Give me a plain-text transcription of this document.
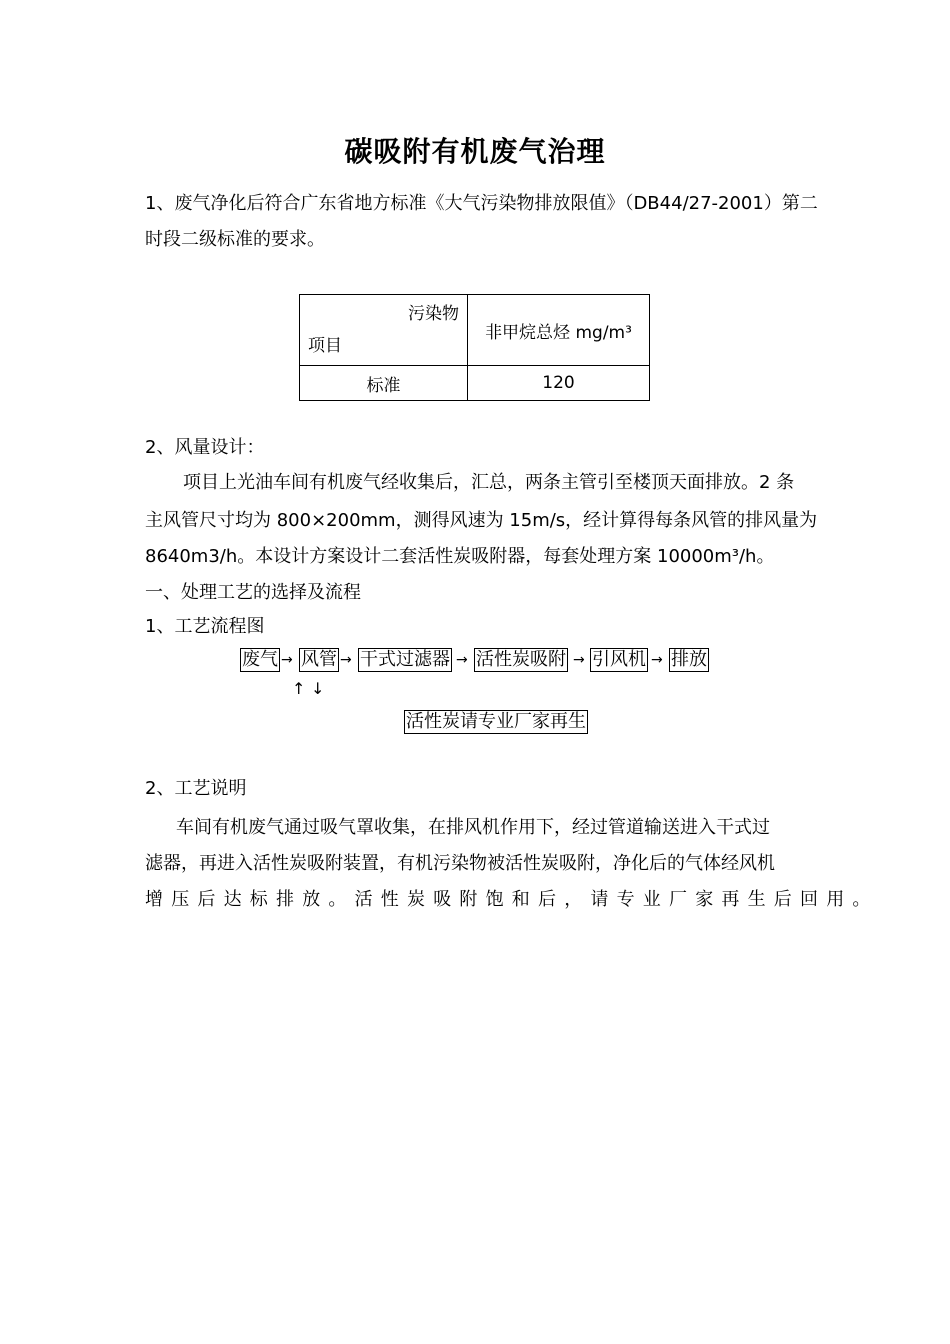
碳吸附有机废气治理
1、废气净化后符合广东省地方标准《大气污染物排放限值》（DB44/27-2001）第二
时段二级标准的要求。
污染物
项目	非甲烷总烃 mg/m³
标准	120
2、风量设计：
项目上光油车间有机废气经收集后，汇总，两条主管引至楼顶天面排放。2 条
主风管尺寸均为 800×200mm，测得风速为 15m/s，经计算得每条风管的排风量为
8640m3/h。本设计方案设计二套活性炭吸附器，每套处理方案 10000m³/h。
一、处理工艺的选择及流程
1、工艺流程图
废气 → 风管 → 干式过滤器 → 活性炭吸附 → 引风机 → 排放
↑ ↓
活性炭请专业厂家再生
2、工艺说明
车间有机废气通过吸气罩收集，在排风机作用下，经过管道输送进入干式过
滤器，再进入活性炭吸附装置，有机污染物被活性炭吸附，净化后的气体经风机
增压后达标排放。活性炭吸附饱和后，请专业厂家再生后回用。
